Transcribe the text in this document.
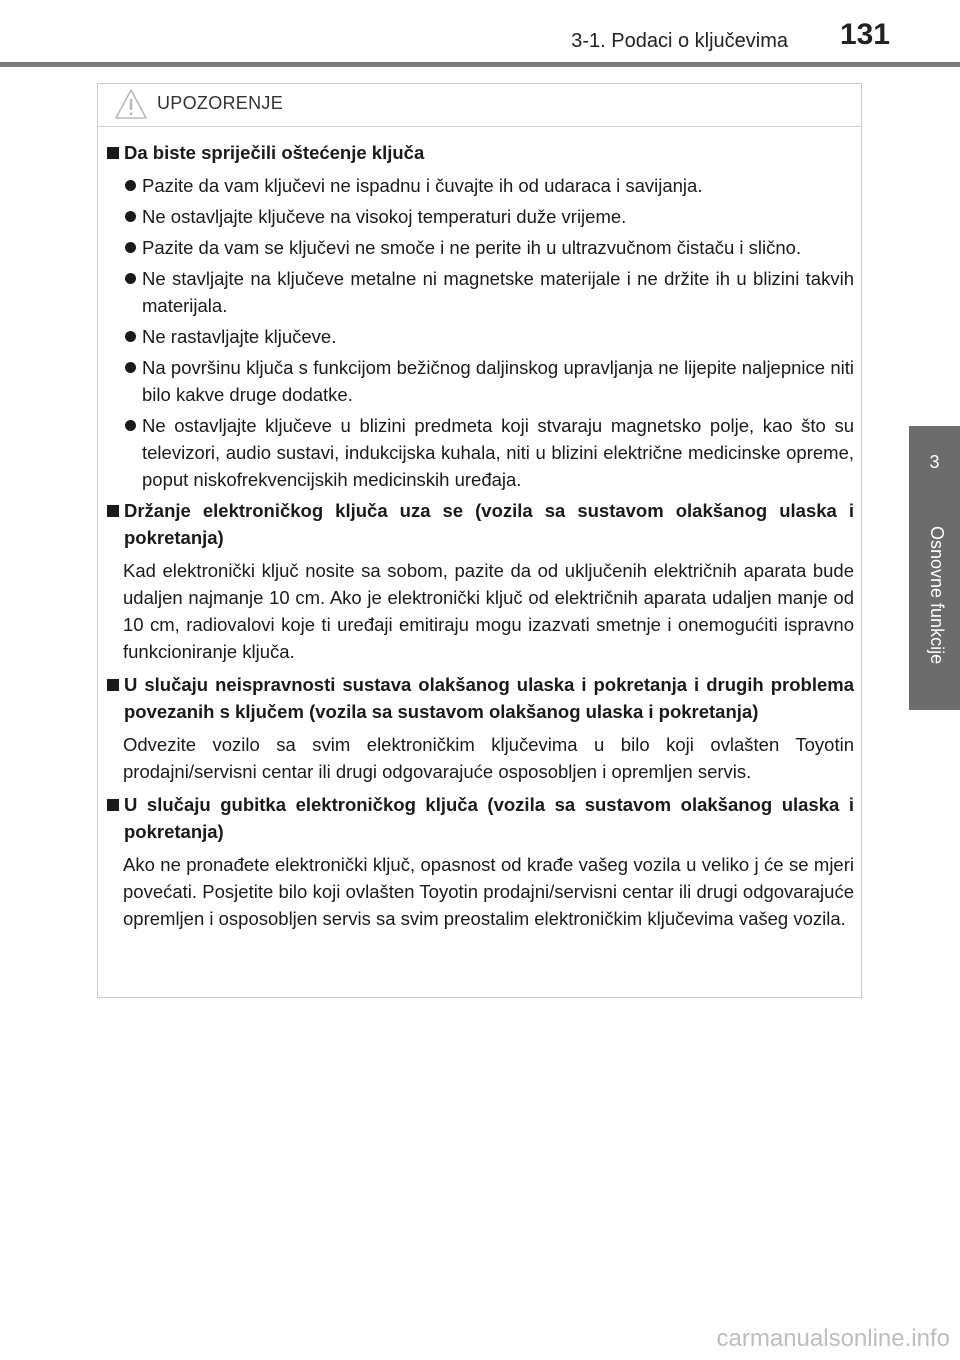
3-1. Podaci o ključevima 131
3
Osnovne funkcije
UPOZORENJE
Da biste spriječili oštećenje ključa
Pazite da vam ključevi ne ispadnu i čuvajte ih od udaraca i savijanja.
Ne ostavljajte ključeve na visokoj temperaturi duže vrijeme.
Pazite da vam se ključevi ne smoče i ne perite ih u ultrazvučnom čistaču i slično.
Ne stavljajte na ključeve metalne ni magnetske materijale i ne držite ih u blizini takvih materijala.
Ne rastavljajte ključeve.
Na površinu ključa s funkcijom bežičnog daljinskog upravljanja ne lijepite naljepnice niti bilo kakve druge dodatke.
Ne ostavljajte ključeve u blizini predmeta koji stvaraju magnetsko polje, kao što su televizori, audio sustavi, indukcijska kuhala, niti u blizini električne medicinske opreme, poput niskofrekvencijskih medicinskih uređaja.
Držanje elektroničkog ključa uza se (vozila sa sustavom olakšanog ulaska i pokretanja)
Kad elektronički ključ nosite sa sobom, pazite da od uključenih električnih aparata bude udaljen najmanje 10 cm. Ako je elektronički ključ od električnih aparata udaljen manje od 10 cm, radiovalovi koje ti uređaji emitiraju mogu izazvati smetnje i onemogućiti ispravno funkcioniranje ključa.
U slučaju neispravnosti sustava olakšanog ulaska i pokretanja i drugih problema povezanih s ključem (vozila sa sustavom olakšanog ulaska i pokretanja)
Odvezite vozilo sa svim elektroničkim ključevima u bilo koji ovlašten Toyotin prodajni/servisni centar ili drugi odgovarajuće osposobljen i opremljen servis.
U slučaju gubitka elektroničkog ključa (vozila sa sustavom olakšanog ulaska i pokretanja)
Ako ne pronađete elektronički ključ, opasnost od krađe vašeg vozila u veliko j će se mjeri povećati. Posjetite bilo koji ovlašten Toyotin prodajni/servisni centar ili drugi odgovarajuće opremljen i osposobljen servis sa svim preostalim elektroničkim ključevima vašeg vozila.
carmanualsonline.info
